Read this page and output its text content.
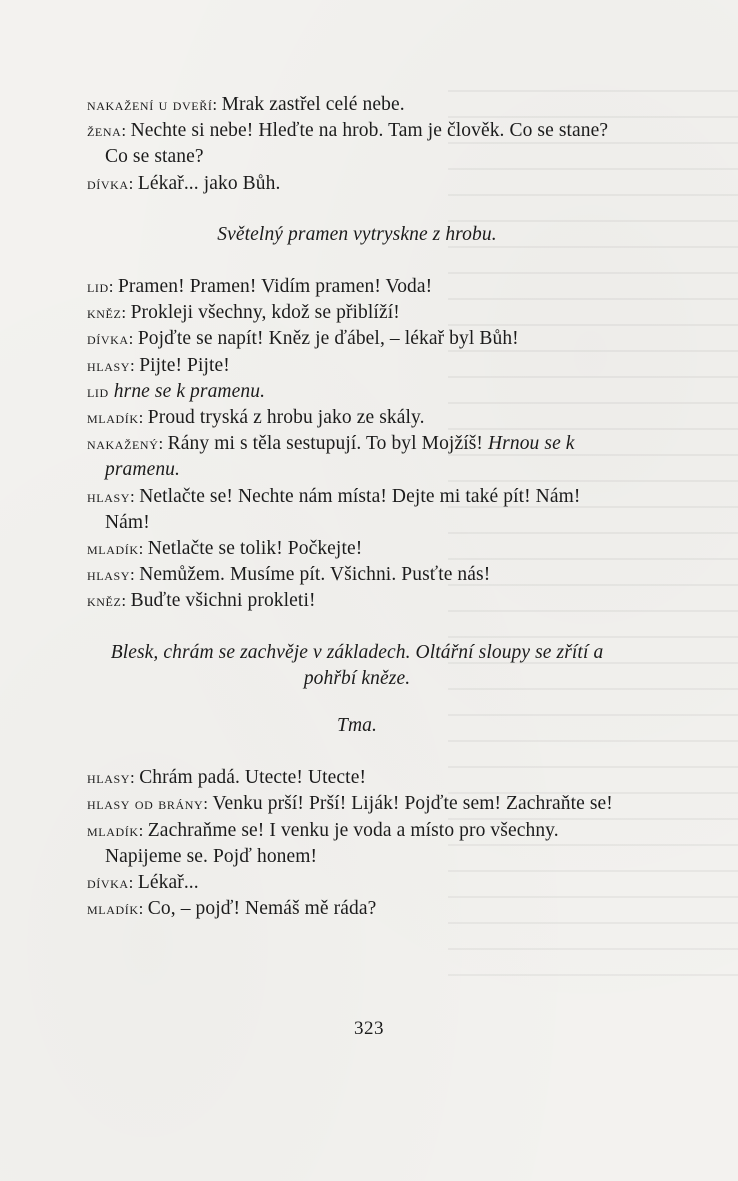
nakažení u dveří: Mrak zastřel celé nebe.

žena: Nechte si nebe! Hleďte na hrob. Tam je člověk. Co se stane? Co se stane?

dívka: Lékař... jako Bůh.

Světelný pramen vytryskne z hrobu.

lid: Pramen! Pramen! Vidím pramen! Voda!

kněz: Prokleji všechny, kdož se přiblíží!

dívka: Pojďte se napít! Kněz je ďábel, – lékař byl Bůh!

hlasy: Pijte! Pijte!

lid hrne se k pramenu.

mladík: Proud tryská z hrobu jako ze skály.

nakažený: Rány mi s těla sestupují. To byl Mojžíš! Hrnou se k pramenu.

hlasy: Netlačte se! Nechte nám místa! Dejte mi také pít! Nám! Nám!

mladík: Netlačte se tolik! Počkejte!

hlasy: Nemůžem. Musíme pít. Všichni. Pusťte nás!

kněz: Buďte všichni prokleti!

Blesk, chrám se zachvěje v základech. Oltářní sloupy se zřítí a pohřbí kněze.

Tma.

hlasy: Chrám padá. Utecte! Utecte!

hlasy od brány: Venku prší! Prší! Liják! Pojďte sem! Zachraňte se!

mladík: Zachraňme se! I venku je voda a místo pro všechny. Napijeme se. Pojď honem!

dívka: Lékař...

mladík: Co, – pojď! Nemáš mě ráda?

323
